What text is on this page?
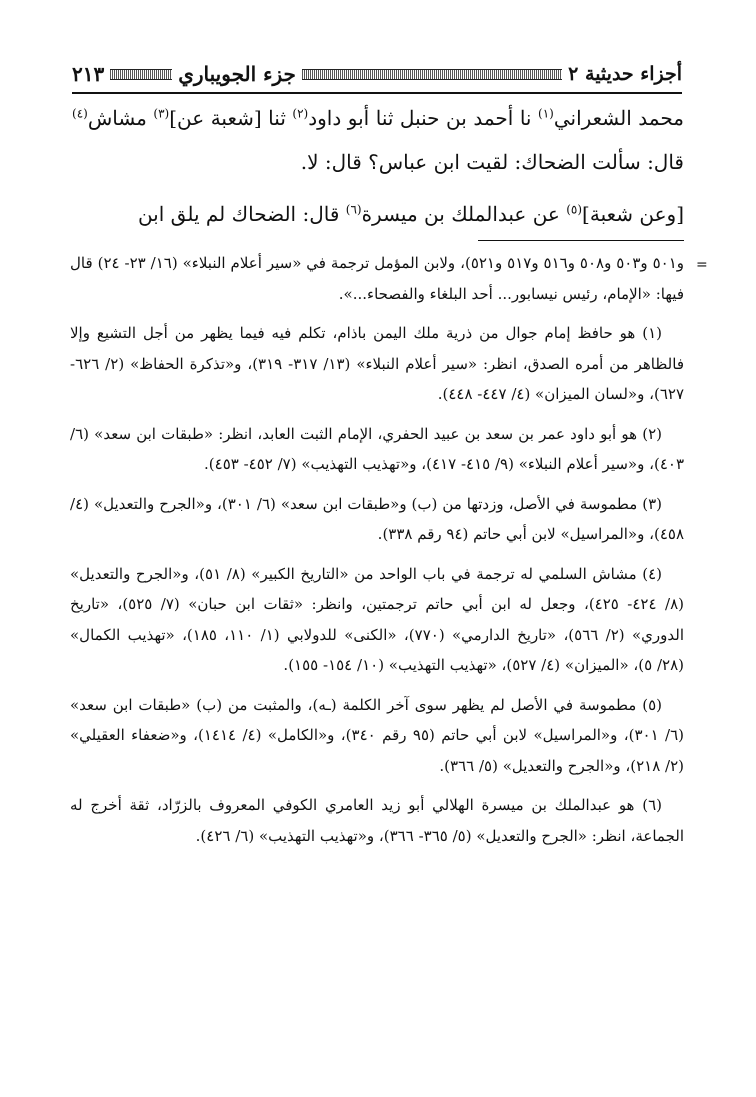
أجزاء حديثية ٢
جزء الجويباري
٢١٣

محمد الشعراني$^{(١)}$ نا أحمد بن حنبل ثنا أبو داود$^{(٢)}$ ثنا [شعبة عن]$^{(٣)}$ مشاش$^{(٤)}$ قال: سألت الضحاك: لقيت ابن عباس؟ قال: لا.

[وعن شعبة]$^{(٥)}$ عن عبدالملك بن ميسرة$^{(٦)}$ قال: الضحاك لم يلق ابن

=

و٥٠١ و٥٠٣ و٥٠٨ و٥١٦ و٥١٧ و٥٢١)، ولابن المؤمل ترجمة في «سير أعلام النبلاء» (١٦/ ٢٣- ٢٤) قال فيها: «الإمام، رئيس نيسابور... أحد البلغاء والفصحاء...».

(١) هو حافظ إمام جوال من ذرية ملك اليمن باذام، تكلم فيه فيما يظهر من أجل التشيع وإلا فالظاهر من أمره الصدق، انظر: «سير أعلام النبلاء» (١٣/ ٣١٧- ٣١٩)، و«تذكرة الحفاظ» (٢/ ٦٢٦- ٦٢٧)، و«لسان الميزان» (٤/ ٤٤٧- ٤٤٨).

(٢) هو أبو داود عمر بن سعد بن عبيد الحفري، الإمام الثبت العابد، انظر: «طبقات ابن سعد» (٦/ ٤٠٣)، و«سير أعلام النبلاء» (٩/ ٤١٥- ٤١٧)، و«تهذيب التهذيب» (٧/ ٤٥٢- ٤٥٣).

(٣) مطموسة في الأصل، وزدتها من (ب) و«طبقات ابن سعد» (٦/ ٣٠١)، و«الجرح والتعديل» (٤/ ٤٥٨)، و«المراسيل» لابن أبي حاتم (٩٤ رقم ٣٣٨).

(٤) مشاش السلمي له ترجمة في باب الواحد من «التاريخ الكبير» (٨/ ٥١)، و«الجرح والتعديل» (٨/ ٤٢٤- ٤٢٥)، وجعل له ابن أبي حاتم ترجمتين، وانظر: «ثقات ابن حبان» (٧/ ٥٢٥)، «تاريخ الدوري» (٢/ ٥٦٦)، «تاريخ الدارمي» (٧٧٠)، «الكنى» للدولابي (١/ ١١٠، ١٨٥)، «تهذيب الكمال» (٢٨/ ٥)، «الميزان» (٤/ ٥٢٧)، «تهذيب التهذيب» (١٠/ ١٥٤- ١٥٥).

(٥) مطموسة في الأصل لم يظهر سوى آخر الكلمة (ـه)، والمثبت من (ب) «طبقات ابن سعد» (٦/ ٣٠١)، و«المراسيل» لابن أبي حاتم (٩٥ رقم ٣٤٠)، و«الكامل» (٤/ ١٤١٤)، و«ضعفاء العقيلي» (٢/ ٢١٨)، و«الجرح والتعديل» (٥/ ٣٦٦).

(٦) هو عبدالملك بن ميسرة الهلالي أبو زيد العامري الكوفي المعروف بالزرّاد، ثقة أخرج له الجماعة، انظر: «الجرح والتعديل» (٥/ ٣٦٥- ٣٦٦)، و«تهذيب التهذيب» (٦/ ٤٢٦).
